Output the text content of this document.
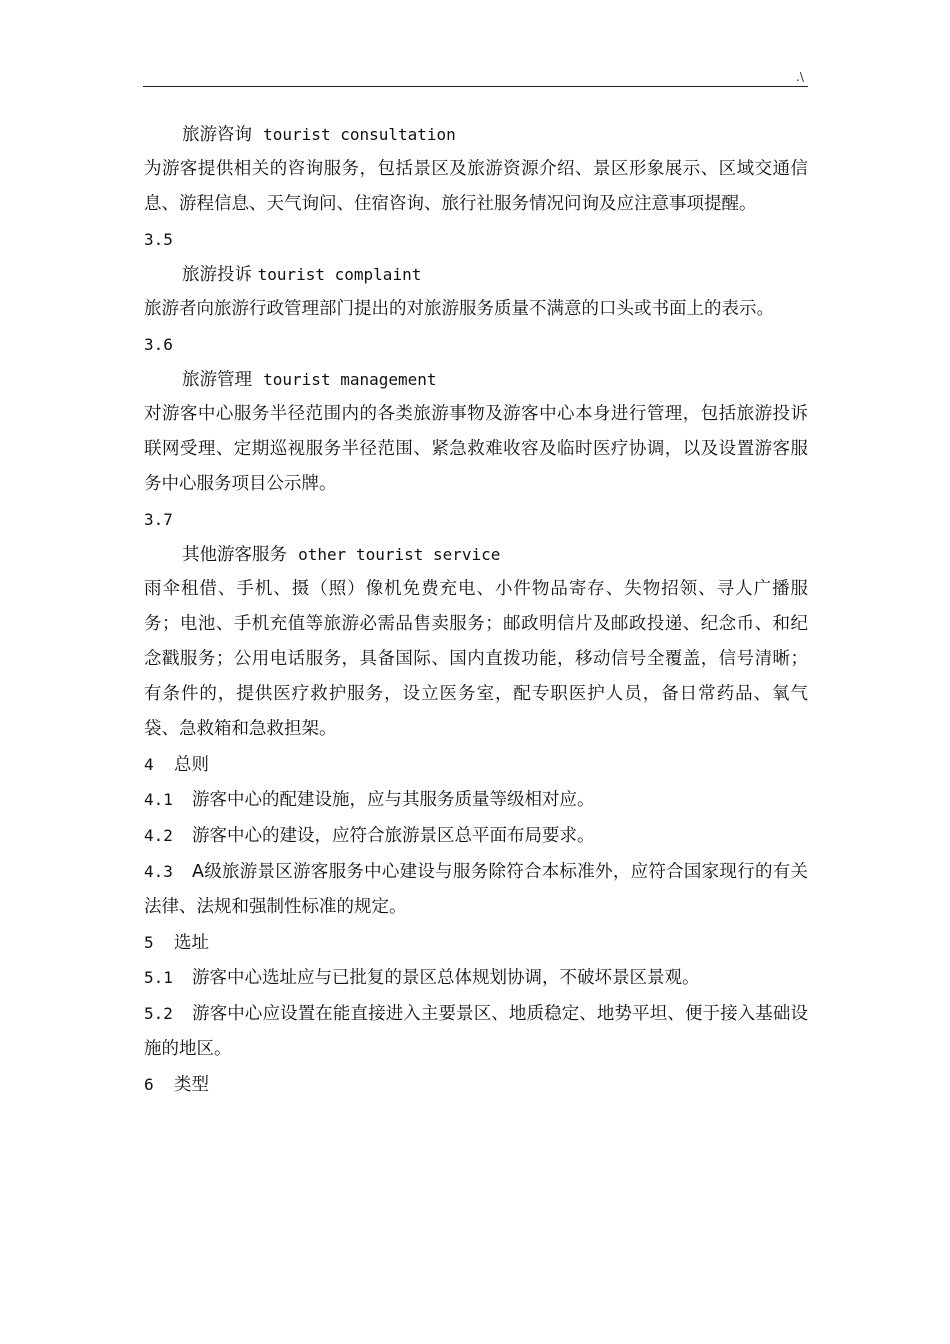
.\
旅游咨询 tourist consultation
为游客提供相关的咨询服务，包括景区及旅游资源介绍、景区形象展示、区域交通信息、游程信息、天气询问、住宿咨询、旅行社服务情况问询及应注意事项提醒。
3.5
旅游投诉 tourist complaint
旅游者向旅游行政管理部门提出的对旅游服务质量不满意的口头或书面上的表示。
3.6
旅游管理 tourist management
对游客中心服务半径范围内的各类旅游事物及游客中心本身进行管理，包括旅游投诉联网受理、定期巡视服务半径范围、紧急救难收容及临时医疗协调，以及设置游客服务中心服务项目公示牌。
3.7
其他游客服务 other tourist service
雨伞租借、手机、摄（照）像机免费充电、小件物品寄存、失物招领、寻人广播服务；电池、手机充值等旅游必需品售卖服务；邮政明信片及邮政投递、纪念币、和纪念戳服务；公用电话服务，具备国际、国内直拨功能，移动信号全覆盖，信号清晰；有条件的，提供医疗救护服务，设立医务室，配专职医护人员，备日常药品、氧气袋、急救箱和急救担架。
4 总则
4.1 游客中心的配建设施，应与其服务质量等级相对应。
4.2 游客中心的建设，应符合旅游景区总平面布局要求。
4.3 A级旅游景区游客服务中心建设与服务除符合本标准外，应符合国家现行的有关法律、法规和强制性标准的规定。
5 选址
5.1 游客中心选址应与已批复的景区总体规划协调，不破坏景区景观。
5.2 游客中心应设置在能直接进入主要景区、地质稳定、地势平坦、便于接入基础设施的地区。
6 类型
